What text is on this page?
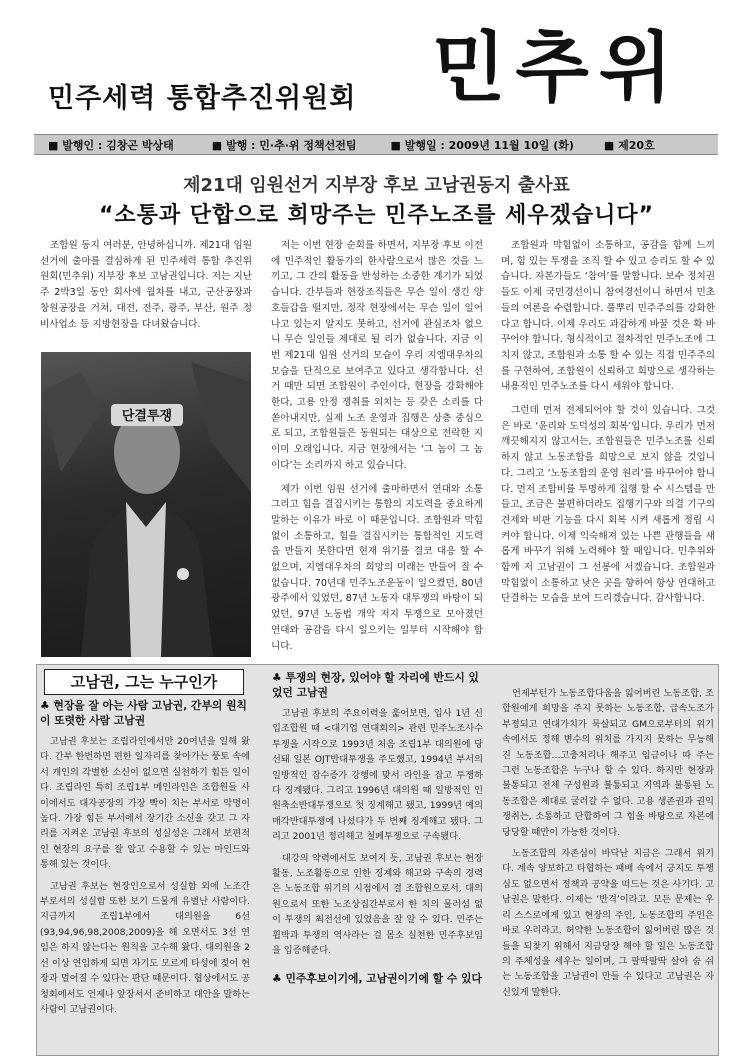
민주세력 통합추진위원회 민추위
■ 발행인 : 김창곤 박상태	■ 발행 : 민·추·위 정책선전팀	■ 발행일 : 2009년 11월 10일 (화)	■ 제20호
제21대 임원선거 지부장 후보 고남권동지 출사표
“소통과 단합으로 희망주는 민주노조를 세우겠습니다”

조합원 동지 여러분, 안녕하십니까. 제21대 임원 선거에 출마를 결심하게 된 민주세력 통합 추진위원회(민추위) 지부장 후보 고남권입니다. 저는 지난주 2박3일 동안 회사에 월차를 내고, 군산공장과 창원공장을 거쳐, 대전, 전주, 광주, 부산, 원주 정비사업소 등 지방현장을 다녀왔습니다.

단결투쟁

저는 이번 현장 순회를 하면서, 지부장 후보 이전에 민주적인 활동가의 한사람으로서 많은 것을 느끼고, 그 간의 활동을 반성하는 소중한 계기가 되었습니다. 간부들과 현장조직들은 무슨 일이 생긴 양 호들갑을 떨지만, 정작 현장에서는 무슨 일이 일어나고 있는지 알지도 못하고, 선거에 관심조차 없으니 무슨 일인들 제대로 될 리가 없습니다. 지금 이번 제21대 임원 선거의 모습이 우리 지엠대우차의 모습을 단적으로 보여주고 있다고 생각합니다. 선거 때만 되면 조합원이 주인이다, 현장을 강화해야 한다, 고용 안정 쟁취를 외치는 등 갖은 소리를 다 쏟아내지만, 실제 노조 운영과 집행은 상층 중심으로 되고, 조합원들은 동원되는 대상으로 전락한 지 이미 오래입니다. 지금 현장에서는 ‘그 놈이 그 놈이다’는 소리까지 하고 있습니다.

제가 이번 임원 선거에 출마하면서 연대와 소통 그리고 힘을 결집시키는 통합의 지도력을 중요하게 말하는 이유가 바로 이 때문입니다. 조합원과 막힘없이 소통하고, 힘을 결집시키는 통합적인 지도력을 만들지 못한다면 현재 위기를 결코 대응 할 수 없으며, 지엠대우차의 희망의 미래는 만들어 질 수 없습니다. 70년대 민주노조운동이 일으켰던, 80년 광주에서 있었던, 87년 노동자 대투쟁의 바탕이 되었던, 97년 노동법 개악 저지 투쟁으로 모아졌던 연대와 공감을 다시 일으키는 일부터 시작해야 합니다.

조합원과 막힘없이 소통하고, 공감을 함께 느끼며, 힘 있는 투쟁을 조직 할 수 있고 승리도 할 수 있습니다. 자본가들도 ‘참여’를 말합니다. 보수 정치권들도 이제 국민경선이니 참여경선이니 하면서 민초들의 여론을 수렴합니다. 풀뿌리 민주주의를 강화한다고 합니다. 이제 우리도 과감하게 바꿀 것은 확 바꾸어야 합니다. 형식적이고 절차적인 민주노조에 그치지 않고, 조합원과 소통 할 수 있는 직접 민주주의를 구현하여, 조합원이 신뢰하고 희망으로 생각하는 내용적인 민주노조를 다시 세워야 합니다.

그런데 먼저 전제되어야 할 것이 있습니다. 그것은 바로 ‘윤리와 도덕성의 회복’입니다. 우리가 먼저 깨끗해지지 않고서는, 조합원들은 민주노조를 신뢰하지 않고 노동조합을 희망으로 보지 않을 것입니다. 그리고 ‘노동조합의 운영 원리’를 바꾸어야 합니다. 먼저 조합비를 투명하게 집행 할 수 시스템을 만들고, 조금은 불편하더라도 집행기구와 의결 기구의 견제와 비판 기능을 다시 회복 시켜 새롭게 정립 시켜야 합니다. 이제 익숙해져 있는 나쁜 관행들을 새롭게 바꾸기 위해 노력해야 할 때입니다. 민추위와 함께 저 고남권이 그 선봉에 서겠습니다. 조합원과 막힘없이 소통하고 낮은 곳을 향하여 항상 연대하고 단결하는 모습을 보여 드리겠습니다. 감사합니다.

고남권, 그는 누구인가
♣ 현장을 잘 아는 사람 고남권, 간부의 원칙이 또렷한 사람 고남권

고남권 후보는 조립라인에서만 20여년을 일해 왔다. 간부 한번하면 편한 일자리를 찾아가는 풍토 속에서 개인의 각별한 소신이 없으면 실천하기 힘든 일이다. 조립라인 특히 조립1부 메인라인은 조합원들 사이에서도 대자공장의 가장 빡이 치는 부서로 악명이 높다. 가장 힘든 부서에서 장기간 소신을 갖고 그 자리를 지켜온 고남권 후보의 성실성은 그래서 보편적인 현장의 요구를 잘 알고 수용할 수 있는 마인드와 통해 있는 것이다.

고남권 후보는 현장인으로서 성실함 외에 노조간부로서의 성실함 또한 보기 드물게 유별난 사람이다. 지금까지 조립1부에서 대의원을 6선(93,94,96,98,2008,2009)을 해 오면서도 3선 연임은 하지 않는다는 원칙을 고수해 왔다. 대의원을 2선 이상 연임하게 되면 자기도 모르게 타성에 젖어 현장과 멀어질 수 있다는 판단 때문이다. 협상에서도 공청회에서도 언제나 앞장서서 준비하고 대안을 말하는 사람이 고남권이다.

♣ 투쟁의 현장, 있어야 할 자리에 반드시 있었던 고남권

고남권 후보의 주요이력을 훑어보면, 입사 1년 신입조합원 때 <대기업 연대회의> 관련 민주노조사수투쟁을 시작으로 1993년 처음 조립1부 대의원에 당선돼 일본 OJT반대투쟁을 주도했고, 1994년 부서의 일방적인 잡수증가 강행에 맞서 라인을 잡고 투쟁하다 징계됐다. 그리고 1996년 대의원 때 일방적인 인원축소반대투쟁으로 첫 징계해고 됐고, 1999년 예의 매각반대투쟁에 나섰다가 두 번째 징계해고 됐다. 그리고 2001년 정리해고 철폐투쟁으로 구속됐다.

대강의 약력에서도 보여지 듯, 고남권 후보는 현장활동, 노조활동으로 인한 징계와 해고와 구속의 경력은 노동조합 위기의 시점에서 결 조합원으로서, 대의원으로서 또한 노조상집간부로서 한 치의 물러섬 없이 투쟁의 최전선에 있었음을 잘 알 수 있다. 민주는 휩박과 투쟁의 역사라는 걸 몸소 실천한 민주후보임을 입증해준다.

♣ 민주후보이기에, 고남권이기에 할 수 있다

언제부턴가 노동조합다움을 잃어버린 노동조합, 조합원에게 희망을 주지 못하는 노동조합, 급속노조가 부정되고 연대가치가 묵살되고 GM으로부터의 위기 속에서도 정해 변수의 위치를 가지지 못하는 무능해진 노동조합…고충처리나 해주고 임금이나 따 주는 그런 노동조합은 누구나 할 수 있다. 하지만 현장과 불통되고 전체 구성원과 불통되고 지역과 불통된 노동조합은 제대로 굴러갈 수 없다. 고용 생존권과 권익쟁취는, 소통하고 단합하여 그 힘을 바탕으로 자본에 당당할 때만이 가능한 것이다.

노동조합의 자존심이 바닥난 지금은 그래서 위기다. 계속 양보하고 타협하는 패배 속에서 긍지도 투쟁심도 없으면서 정책과 공약을 떠드는 것은 사기다. 고남권은 말한다. 이제는 ‘반격’이라고. 모든 문제는 우리 스스로에게 있고 현장의 주인, 노동조합의 주인은 바로 우리라고. 허약한 노동조합이 잃어버린 많은 것들을 되찾기 위해서 지금당장 해야 할 일은 노동조합의 주체성을 세우는 일이며, 그 팔딱팔딱 살아 숨 쉬는 노동조합을 고남권이 만들 수 있다고 고남권은 자신있게 말한다.
